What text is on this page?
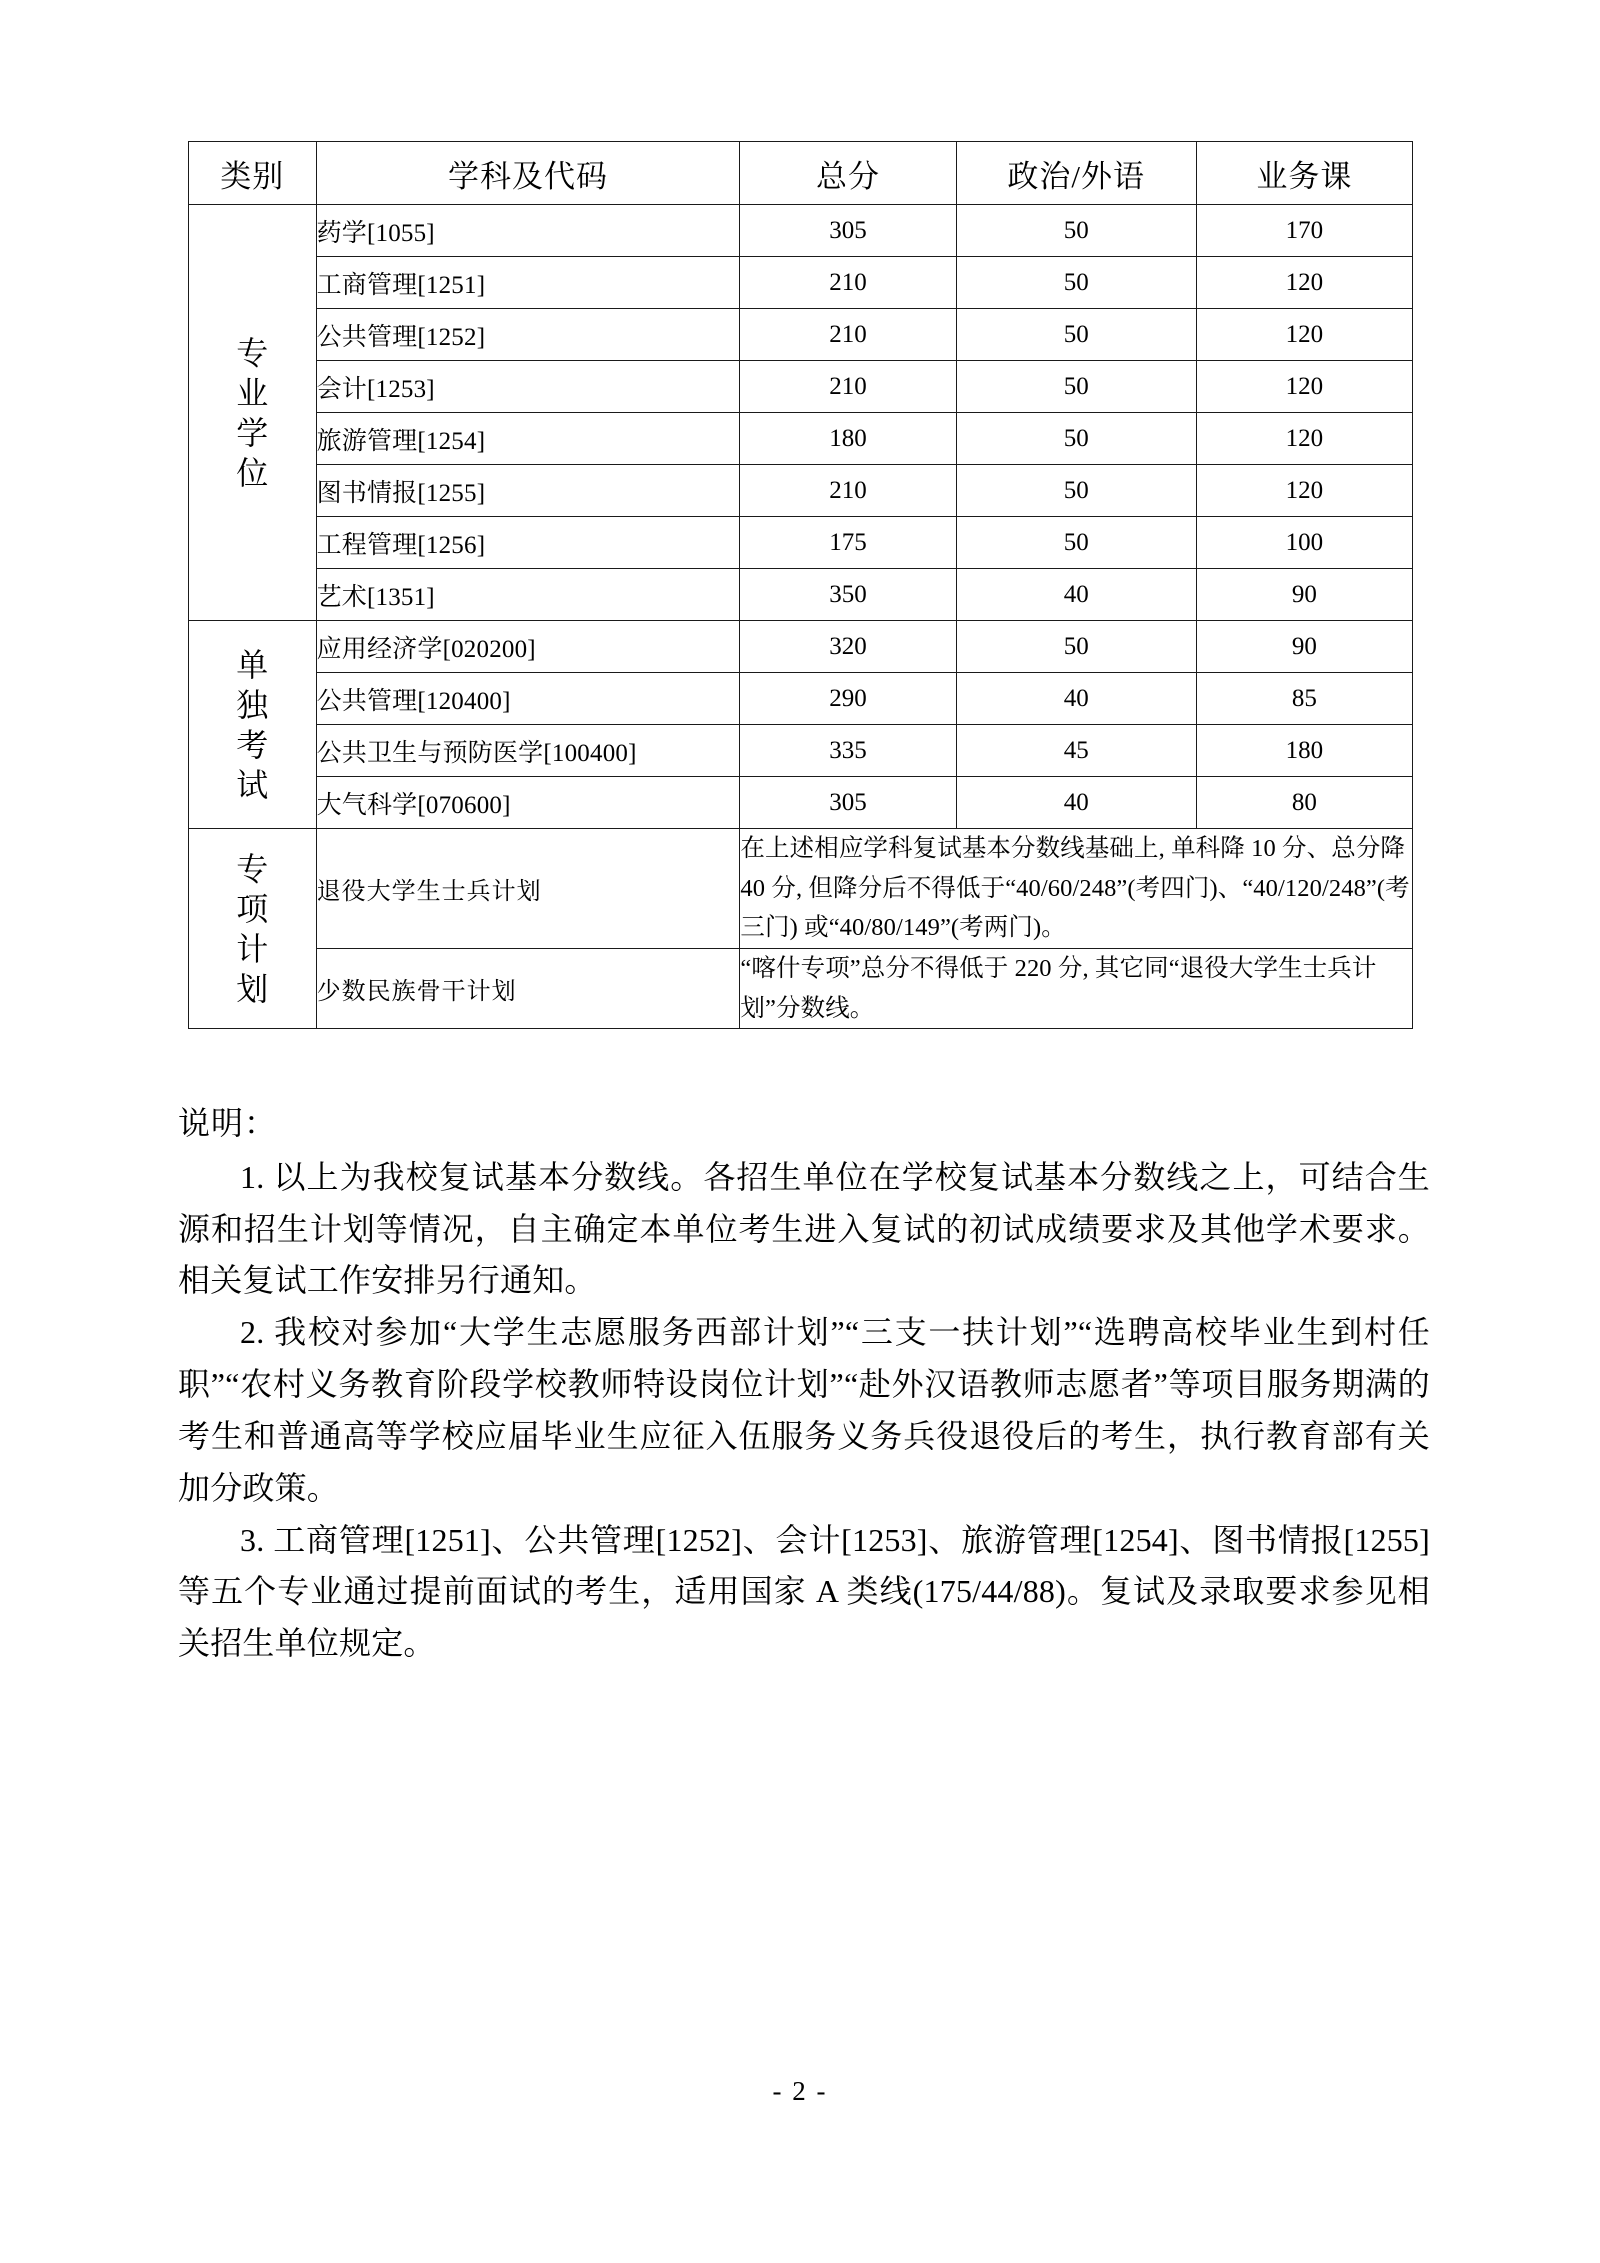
类别	学科及代码	总分	政治/外语	业务课

专业学位	药学[1055]	305	50	170
	工商管理[1251]	210	50	120
	公共管理[1252]	210	50	120
	会计[1253]	210	50	120
	旅游管理[1254]	180	50	120
	图书情报[1255]	210	50	120
	工程管理[1256]	175	50	100
	艺术[1351]	350	40	90

单独考试	应用经济学[020200]	320	50	90
	公共管理[120400]	290	40	85
	公共卫生与预防医学[100400]	335	45	180
	大气科学[070600]	305	40	80

专项计划	退役大学生士兵计划	在上述相应学科复试基本分数线基础上, 单科降 10 分、总分降 40 分, 但降分后不得低于“40/60/248”(考四门)、“40/120/248”(考三门) 或“40/80/149”(考两门)。		
	少数民族骨干计划	“喀什专项”总分不得低于 220 分, 其它同“退役大学生士兵计划”分数线。		
说明：

1. 以上为我校复试基本分数线。各招生单位在学校复试基本分数线之上，可结合生源和招生计划等情况，自主确定本单位考生进入复试的初试成绩要求及其他学术要求。相关复试工作安排另行通知。

2. 我校对参加“大学生志愿服务西部计划”“三支一扶计划”“选聘高校毕业生到村任职”“农村义务教育阶段学校教师特设岗位计划”“赴外汉语教师志愿者”等项目服务期满的考生和普通高等学校应届毕业生应征入伍服务义务兵役退役后的考生，执行教育部有关加分政策。

3. 工商管理[1251]、公共管理[1252]、会计[1253]、旅游管理[1254]、图书情报[1255]等五个专业通过提前面试的考生，适用国家 A 类线(175/44/88)。复试及录取要求参见相关招生单位规定。

- 2 -
